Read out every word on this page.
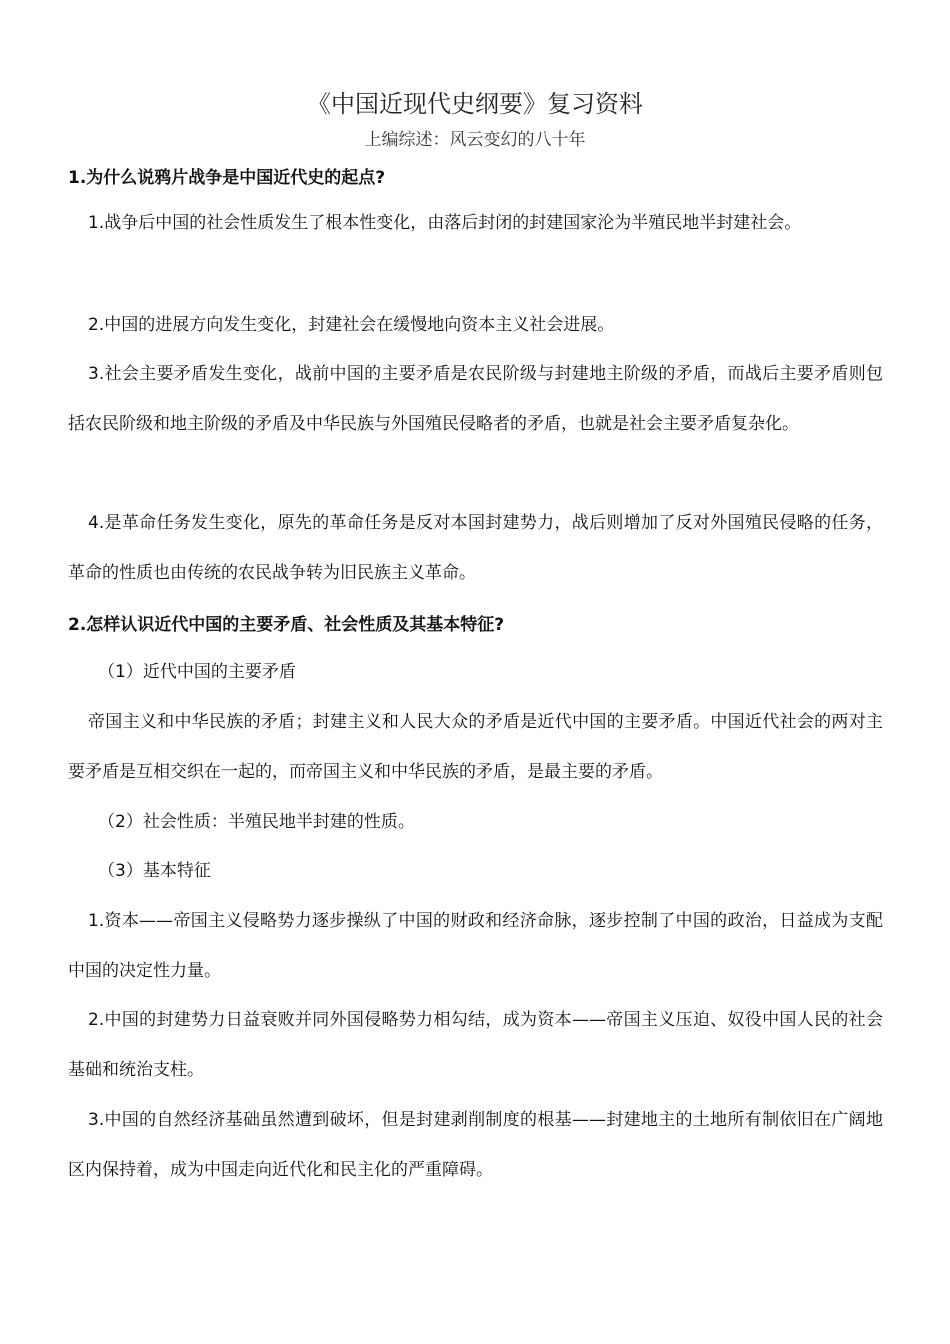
《中国近现代史纲要》复习资料
上编综述：风云变幻的八十年
1.为什么说鸦片战争是中国近代史的起点?
1.战争后中国的社会性质发生了根本性变化，由落后封闭的封建国家沦为半殖民地半封建社会。
2.中国的进展方向发生变化，封建社会在缓慢地向资本主义社会进展。
3.社会主要矛盾发生变化，战前中国的主要矛盾是农民阶级与封建地主阶级的矛盾，而战后主要矛盾则包括农民阶级和地主阶级的矛盾及中华民族与外国殖民侵略者的矛盾，也就是社会主要矛盾复杂化。
4.是革命任务发生变化，原先的革命任务是反对本国封建势力，战后则增加了反对外国殖民侵略的任务，革命的性质也由传统的农民战争转为旧民族主义革命。
2.怎样认识近代中国的主要矛盾、社会性质及其基本特征?
（1）近代中国的主要矛盾
帝国主义和中华民族的矛盾；封建主义和人民大众的矛盾是近代中国的主要矛盾。中国近代社会的两对主要矛盾是互相交织在一起的，而帝国主义和中华民族的矛盾，是最主要的矛盾。
（2）社会性质：半殖民地半封建的性质。
（3）基本特征
1.资本——帝国主义侵略势力逐步操纵了中国的财政和经济命脉，逐步控制了中国的政治，日益成为支配中国的决定性力量。
2.中国的封建势力日益衰败并同外国侵略势力相勾结，成为资本——帝国主义压迫、奴役中国人民的社会基础和统治支柱。
3.中国的自然经济基础虽然遭到破坏，但是封建剥削制度的根基——封建地主的土地所有制依旧在广阔地区内保持着，成为中国走向近代化和民主化的严重障碍。
